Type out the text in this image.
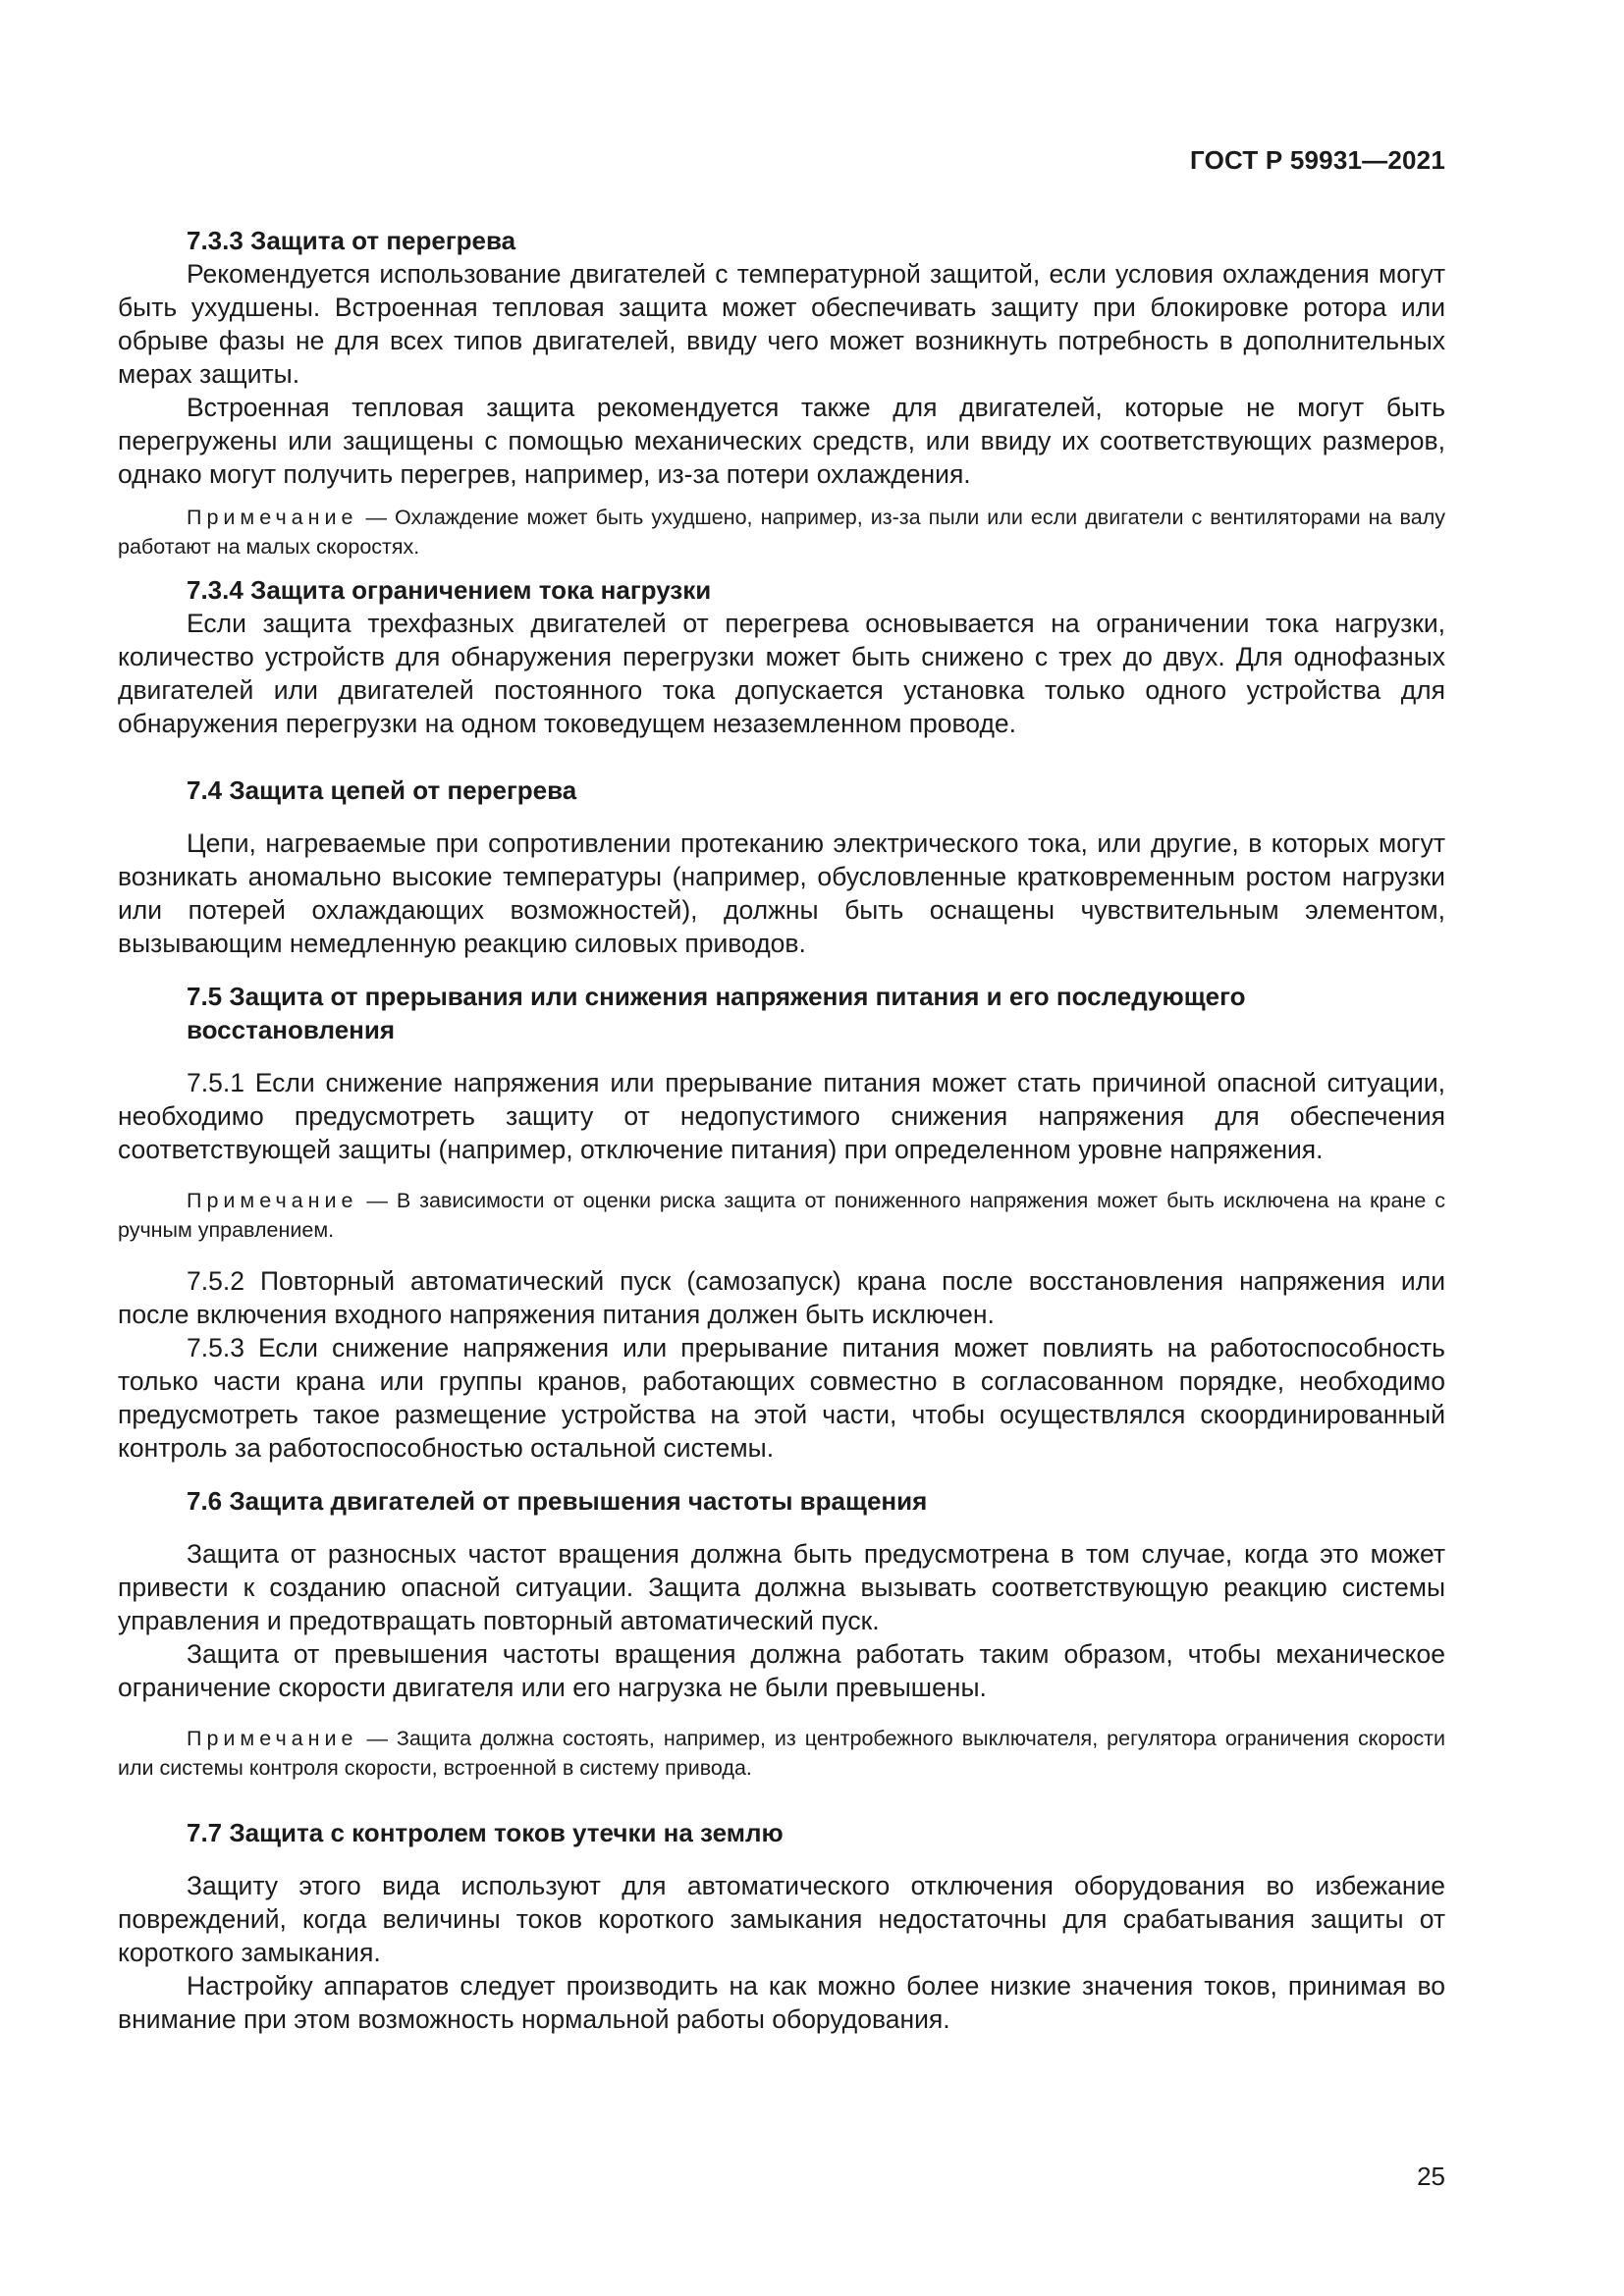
ГОСТ Р 59931—2021

7.3.3 Защита от перегрева

Рекомендуется использование двигателей с температурной защитой, если условия охлаждения могут быть ухудшены. Встроенная тепловая защита может обеспечивать защиту при блокировке ротора или обрыве фазы не для всех типов двигателей, ввиду чего может возникнуть потребность в дополнительных мерах защиты.

Встроенная тепловая защита рекомендуется также для двигателей, которые не могут быть перегружены или защищены с помощью механических средств, или ввиду их соответствующих размеров, однако могут получить перегрев, например, из-за потери охлаждения.

Примечание — Охлаждение может быть ухудшено, например, из-за пыли или если двигатели с вентиляторами на валу работают на малых скоростях.

7.3.4 Защита ограничением тока нагрузки

Если защита трехфазных двигателей от перегрева основывается на ограничении тока нагрузки, количество устройств для обнаружения перегрузки может быть снижено с трех до двух. Для однофазных двигателей или двигателей постоянного тока допускается установка только одного устройства для обнаружения перегрузки на одном токоведущем незаземленном проводе.

7.4 Защита цепей от перегрева

Цепи, нагреваемые при сопротивлении протеканию электрического тока, или другие, в которых могут возникать аномально высокие температуры (например, обусловленные кратковременным ростом нагрузки или потерей охлаждающих возможностей), должны быть оснащены чувствительным элементом, вызывающим немедленную реакцию силовых приводов.

7.5 Защита от прерывания или снижения напряжения питания и его последующего

восстановления

7.5.1 Если снижение напряжения или прерывание питания может стать причиной опасной ситуации, необходимо предусмотреть защиту от недопустимого снижения напряжения для обеспечения соответствующей защиты (например, отключение питания) при определенном уровне напряжения.

Примечание — В зависимости от оценки риска защита от пониженного напряжения может быть исключена на кране с ручным управлением.

7.5.2 Повторный автоматический пуск (самозапуск) крана после восстановления напряжения или после включения входного напряжения питания должен быть исключен.

7.5.3 Если снижение напряжения или прерывание питания может повлиять на работоспособность только части крана или группы кранов, работающих совместно в согласованном порядке, необходимо предусмотреть такое размещение устройства на этой части, чтобы осуществлялся скоординированный контроль за работоспособностью остальной системы.

7.6 Защита двигателей от превышения частоты вращения

Защита от разносных частот вращения должна быть предусмотрена в том случае, когда это может привести к созданию опасной ситуации. Защита должна вызывать соответствующую реакцию системы управления и предотвращать повторный автоматический пуск.

Защита от превышения частоты вращения должна работать таким образом, чтобы механическое ограничение скорости двигателя или его нагрузка не были превышены.

Примечание — Защита должна состоять, например, из центробежного выключателя, регулятора ограничения скорости или системы контроля скорости, встроенной в систему привода.

7.7 Защита с контролем токов утечки на землю

Защиту этого вида используют для автоматического отключения оборудования во избежание повреждений, когда величины токов короткого замыкания недостаточны для срабатывания защиты от короткого замыкания.

Настройку аппаратов следует производить на как можно более низкие значения токов, принимая во внимание при этом возможность нормальной работы оборудования.

25
